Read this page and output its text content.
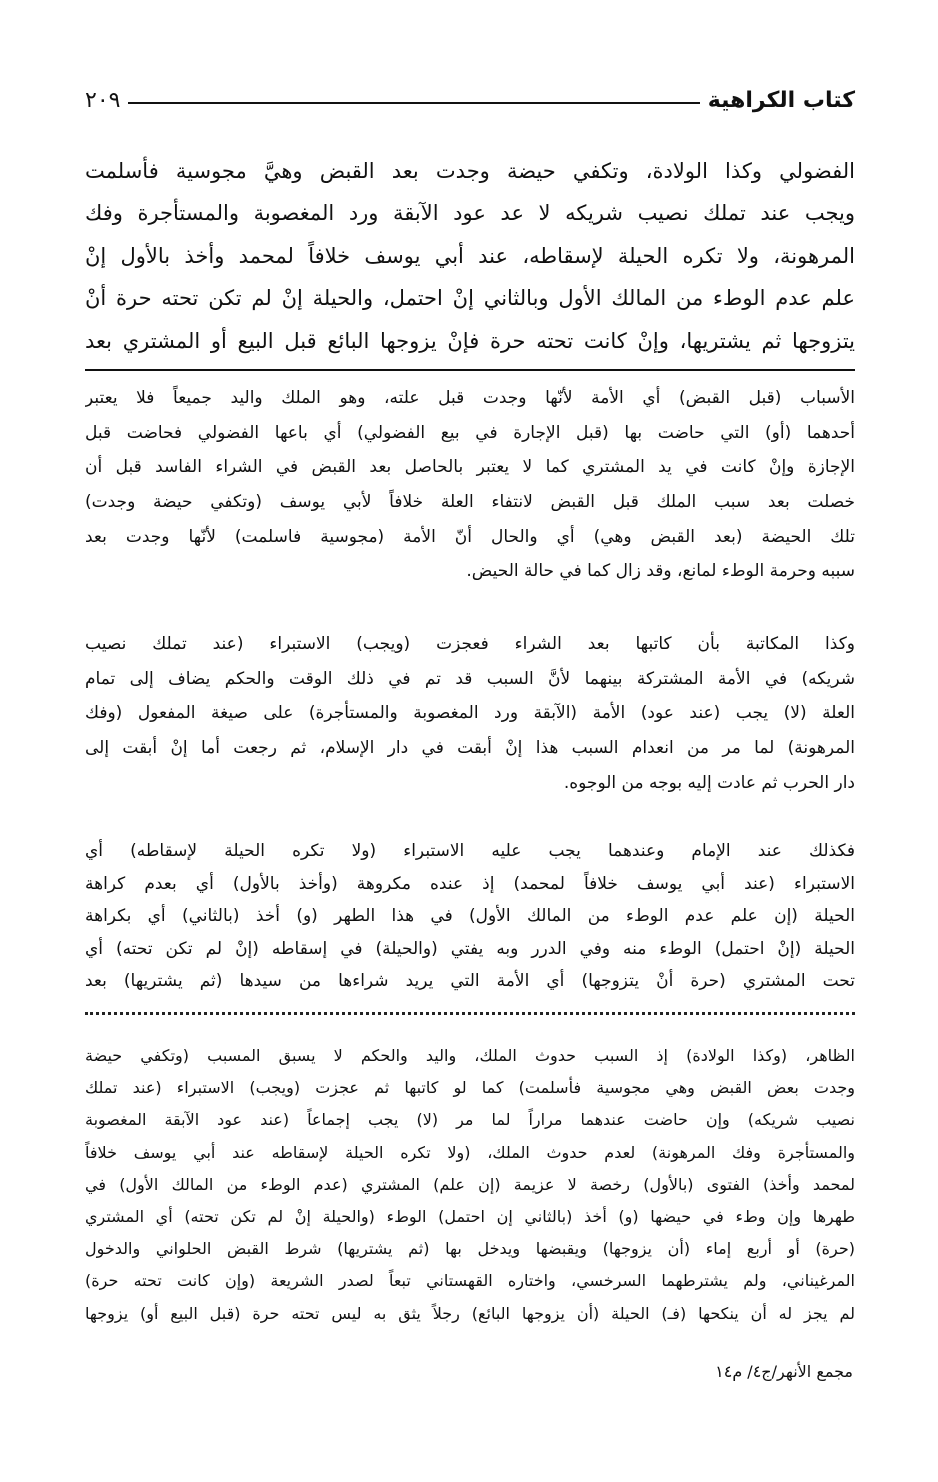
كتاب الكراهية
٢٠٩
الفضولي وكذا الولادة، وتكفي حيضة وجدت بعد القبض وهيَّ مجوسية فأسلمت
ويجب عند تملك نصيب شريكه لا عد عود الآبقة ورد المغصوبة والمستأجرة وفك
المرهونة، ولا تكره الحيلة لإسقاطه، عند أبي يوسف خلافاً لمحمد وأخذ بالأول إنْ
علم عدم الوطء من المالك الأول وبالثاني إنْ احتمل، والحيلة إنْ لم تكن تحته حرة أنْ
يتزوجها ثم يشتريها، وإنْ كانت تحته حرة فإنْ يزوجها البائع قبل البيع أو المشتري بعد
الأسباب (قبل القبض) أي الأمة لأنّها وجدت قبل علته، وهو الملك واليد جميعاً فلا يعتبر
أحدهما (أو) التي حاضت بها (قبل الإجارة في بيع الفضولي) أي باعها الفضولي فحاضت قبل
الإجازة وإنْ كانت في يد المشتري كما لا يعتبر بالحاصل بعد القبض في الشراء الفاسد قبل أن
خصلت بعد سبب الملك قبل القبض لانتفاء العلة خلافاً لأبي يوسف (وتكفي حيضة وجدت)
تلك الحيضة (بعد القبض وهي) أي والحال أنّ الأمة (مجوسية فاسلمت) لأنّها وجدت بعد
سببه وحرمة الوطء لمانع، وقد زال كما في حالة الحيض.
وكذا المكاتبة بأن كاتبها بعد الشراء فعجزت (ويجب) الاستبراء (عند تملك نصيب
شريكه) في الأمة المشتركة بينهما لأنَّ السبب قد تم في ذلك الوقت والحكم يضاف إلى تمام
العلة (لا) يجب (عند عود) الأمة (الآبقة ورد المغصوبة والمستأجرة) على صيغة المفعول (وفك
المرهونة) لما مر من انعدام السبب هذا إنْ أبقت في دار الإسلام، ثم رجعت أما إنْ أبقت إلى
دار الحرب ثم عادت إليه بوجه من الوجوه.
فكذلك عند الإمام وعندهما يجب عليه الاستبراء (ولا تكره الحيلة لإسقاطه) أي
الاستبراء (عند أبي يوسف خلافاً لمحمد) إذ عنده مكروهة (وأخذ بالأول) أي بعدم كراهة
الحيلة (إن علم عدم الوطء من المالك الأول) في هذا الطهر (و) أخذ (بالثاني) أي بكراهة
الحيلة (إنْ احتمل) الوطء منه وفي الدرر وبه يفتي (والحيلة) في إسقاطه (إنْ لم تكن تحته) أي
تحت المشتري (حرة أنْ يتزوجها) أي الأمة التي يريد شراءها من سيدها (ثم يشتريها) بعد
الظاهر، (وكذا الولادة) إذ السبب حدوث الملك، واليد والحكم لا يسبق المسبب (وتكفي حيضة
وجدت بعض القبض وهي مجوسية فأسلمت) كما لو كاتبها ثم عجزت (ويجب) الاستبراء (عند تملك
نصيب شريكه) وإن حاضت عندهما مراراً لما مر (لا) يجب إجماعاً (عند عود الآبقة المغصوبة
والمستأجرة وفك المرهونة) لعدم حدوث الملك، (ولا تكره الحيلة لإسقاطه عند أبي يوسف خلافاً
لمحمد وأخذ) الفتوى (بالأول) رخصة لا عزيمة (إن علم) المشتري (عدم الوطء من المالك الأول) في
طهرها وإن وطء في حيضها (و) أخذ (بالثاني إن احتمل) الوطء (والحيلة إنْ لم تكن تحته) أي المشتري
(حرة) أو أربع إماء (أن يزوجها) ويقبضها ويدخل بها (ثم يشتريها) شرط القبض الحلواني والدخول
المرغيناني، ولم يشترطهما السرخسي، واختاره القهستاني تبعاً لصدر الشريعة (وإن كانت تحته حرة)
لم يجز له أن ينكحها (فـ) الحيلة (أن يزوجها البائع) رجلاً يثق به ليس تحته حرة (قبل البيع أو) يزوجها
مجمع الأنهر/ج٤/ م١٤
